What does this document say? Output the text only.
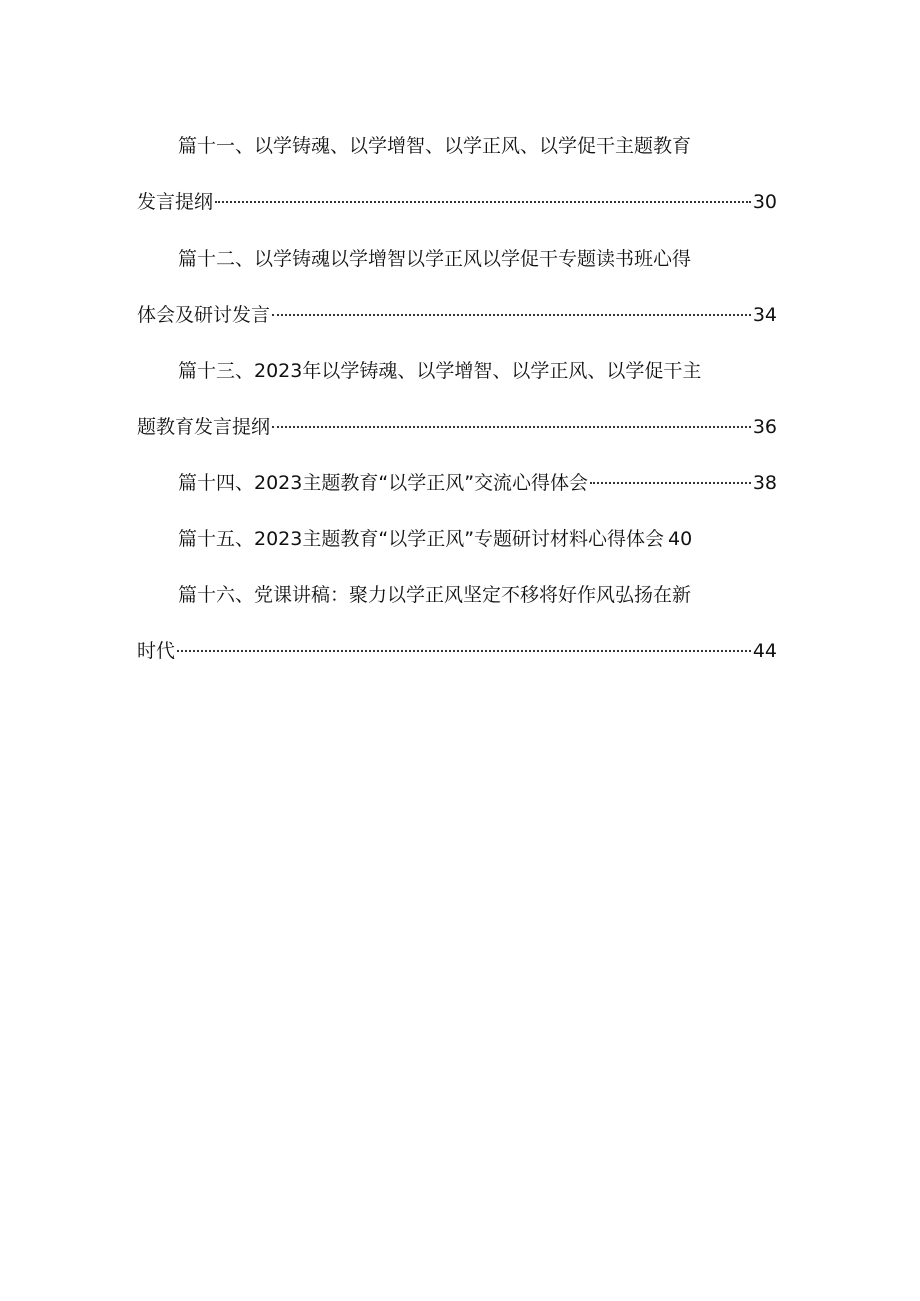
篇十一、以学铸魂、以学增智、以学正风、以学促干主题教育
发言提纲	30
篇十二、以学铸魂以学增智以学正风以学促干专题读书班心得
体会及研讨发言	34
篇十三、2023年以学铸魂、以学增智、以学正风、以学促干主
题教育发言提纲	36
篇十四、2023主题教育“以学正风”交流心得体会	38
篇十五、2023主题教育“以学正风”专题研讨材料心得体会 40
篇十六、党课讲稿：聚力以学正风坚定不移将好作风弘扬在新
时代	44
